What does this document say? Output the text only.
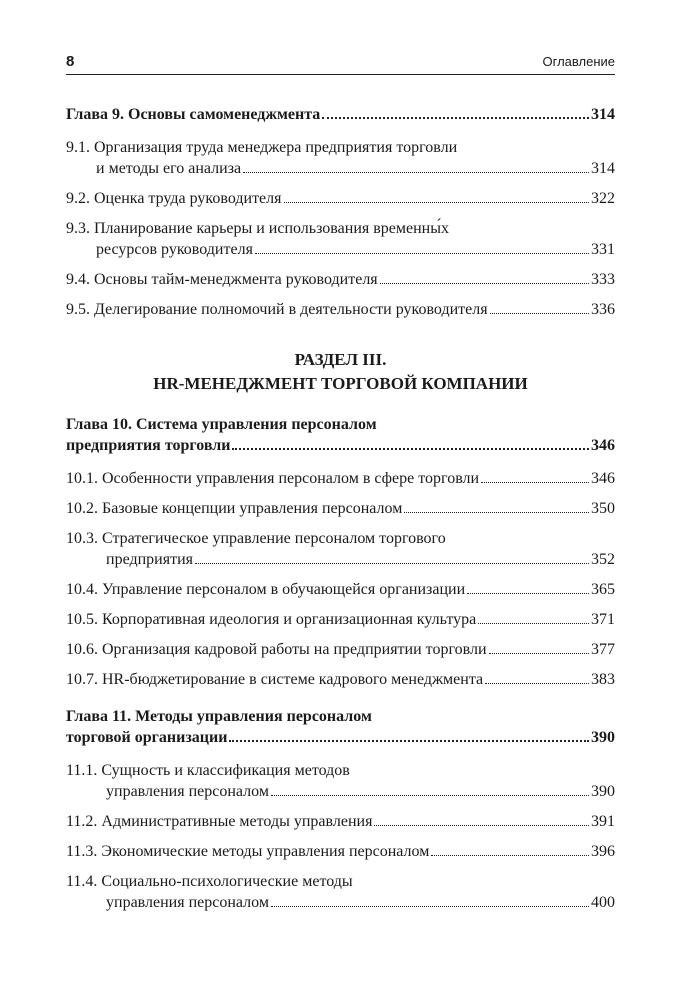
8	Оглавление
Глава 9. Основы самоменеджмента	314
9.1. Организация труда менеджера предприятия торговли
и методы его анализа	314
9.2. Оценка труда руководителя	322
9.3. Планирование карьеры и использования временны́х
ресурсов руководителя	331
9.4. Основы тайм-менеджмента руководителя	333
9.5. Делегирование полномочий в деятельности руководителя	336
РАЗДЕЛ III.
HR-МЕНЕДЖМЕНТ ТОРГОВОЙ КОМПАНИИ
Глава 10. Система управления персоналом
предприятия торговли	346
10.1. Особенности управления персоналом в сфере торговли	346
10.2. Базовые концепции управления персоналом	350
10.3. Стратегическое управление персоналом торгового
предприятия	352
10.4. Управление персоналом в обучающейся организации	365
10.5. Корпоративная идеология и организационная культура	371
10.6. Организация кадровой работы на предприятии торговли	377
10.7. HR-бюджетирование в системе кадрового менеджмента	383
Глава 11. Методы управления персоналом
торговой организации	390
11.1. Сущность и классификация методов
управления персоналом	390
11.2. Административные методы управления	391
11.3. Экономические методы управления персоналом	396
11.4. Социально-психологические методы
управления персоналом	400
